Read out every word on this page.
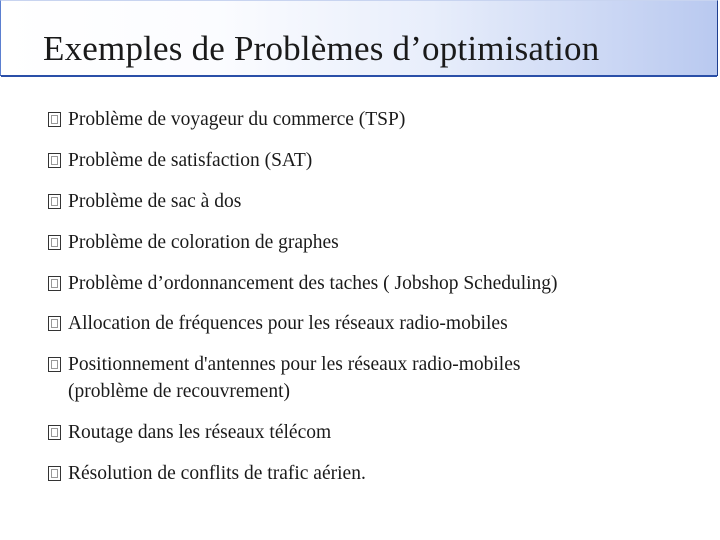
Exemples de Problèmes d’optimisation
Problème de voyageur du commerce (TSP)
Problème de satisfaction (SAT)
Problème de sac à dos
Problème de coloration de graphes
Problème d’ordonnancement des taches ( Jobshop Scheduling)
Allocation de fréquences pour les réseaux radio-mobiles
Positionnement d'antennes pour les réseaux radio-mobiles
(problème de recouvrement)
Routage dans les réseaux télécom
Résolution de conflits de trafic aérien.
